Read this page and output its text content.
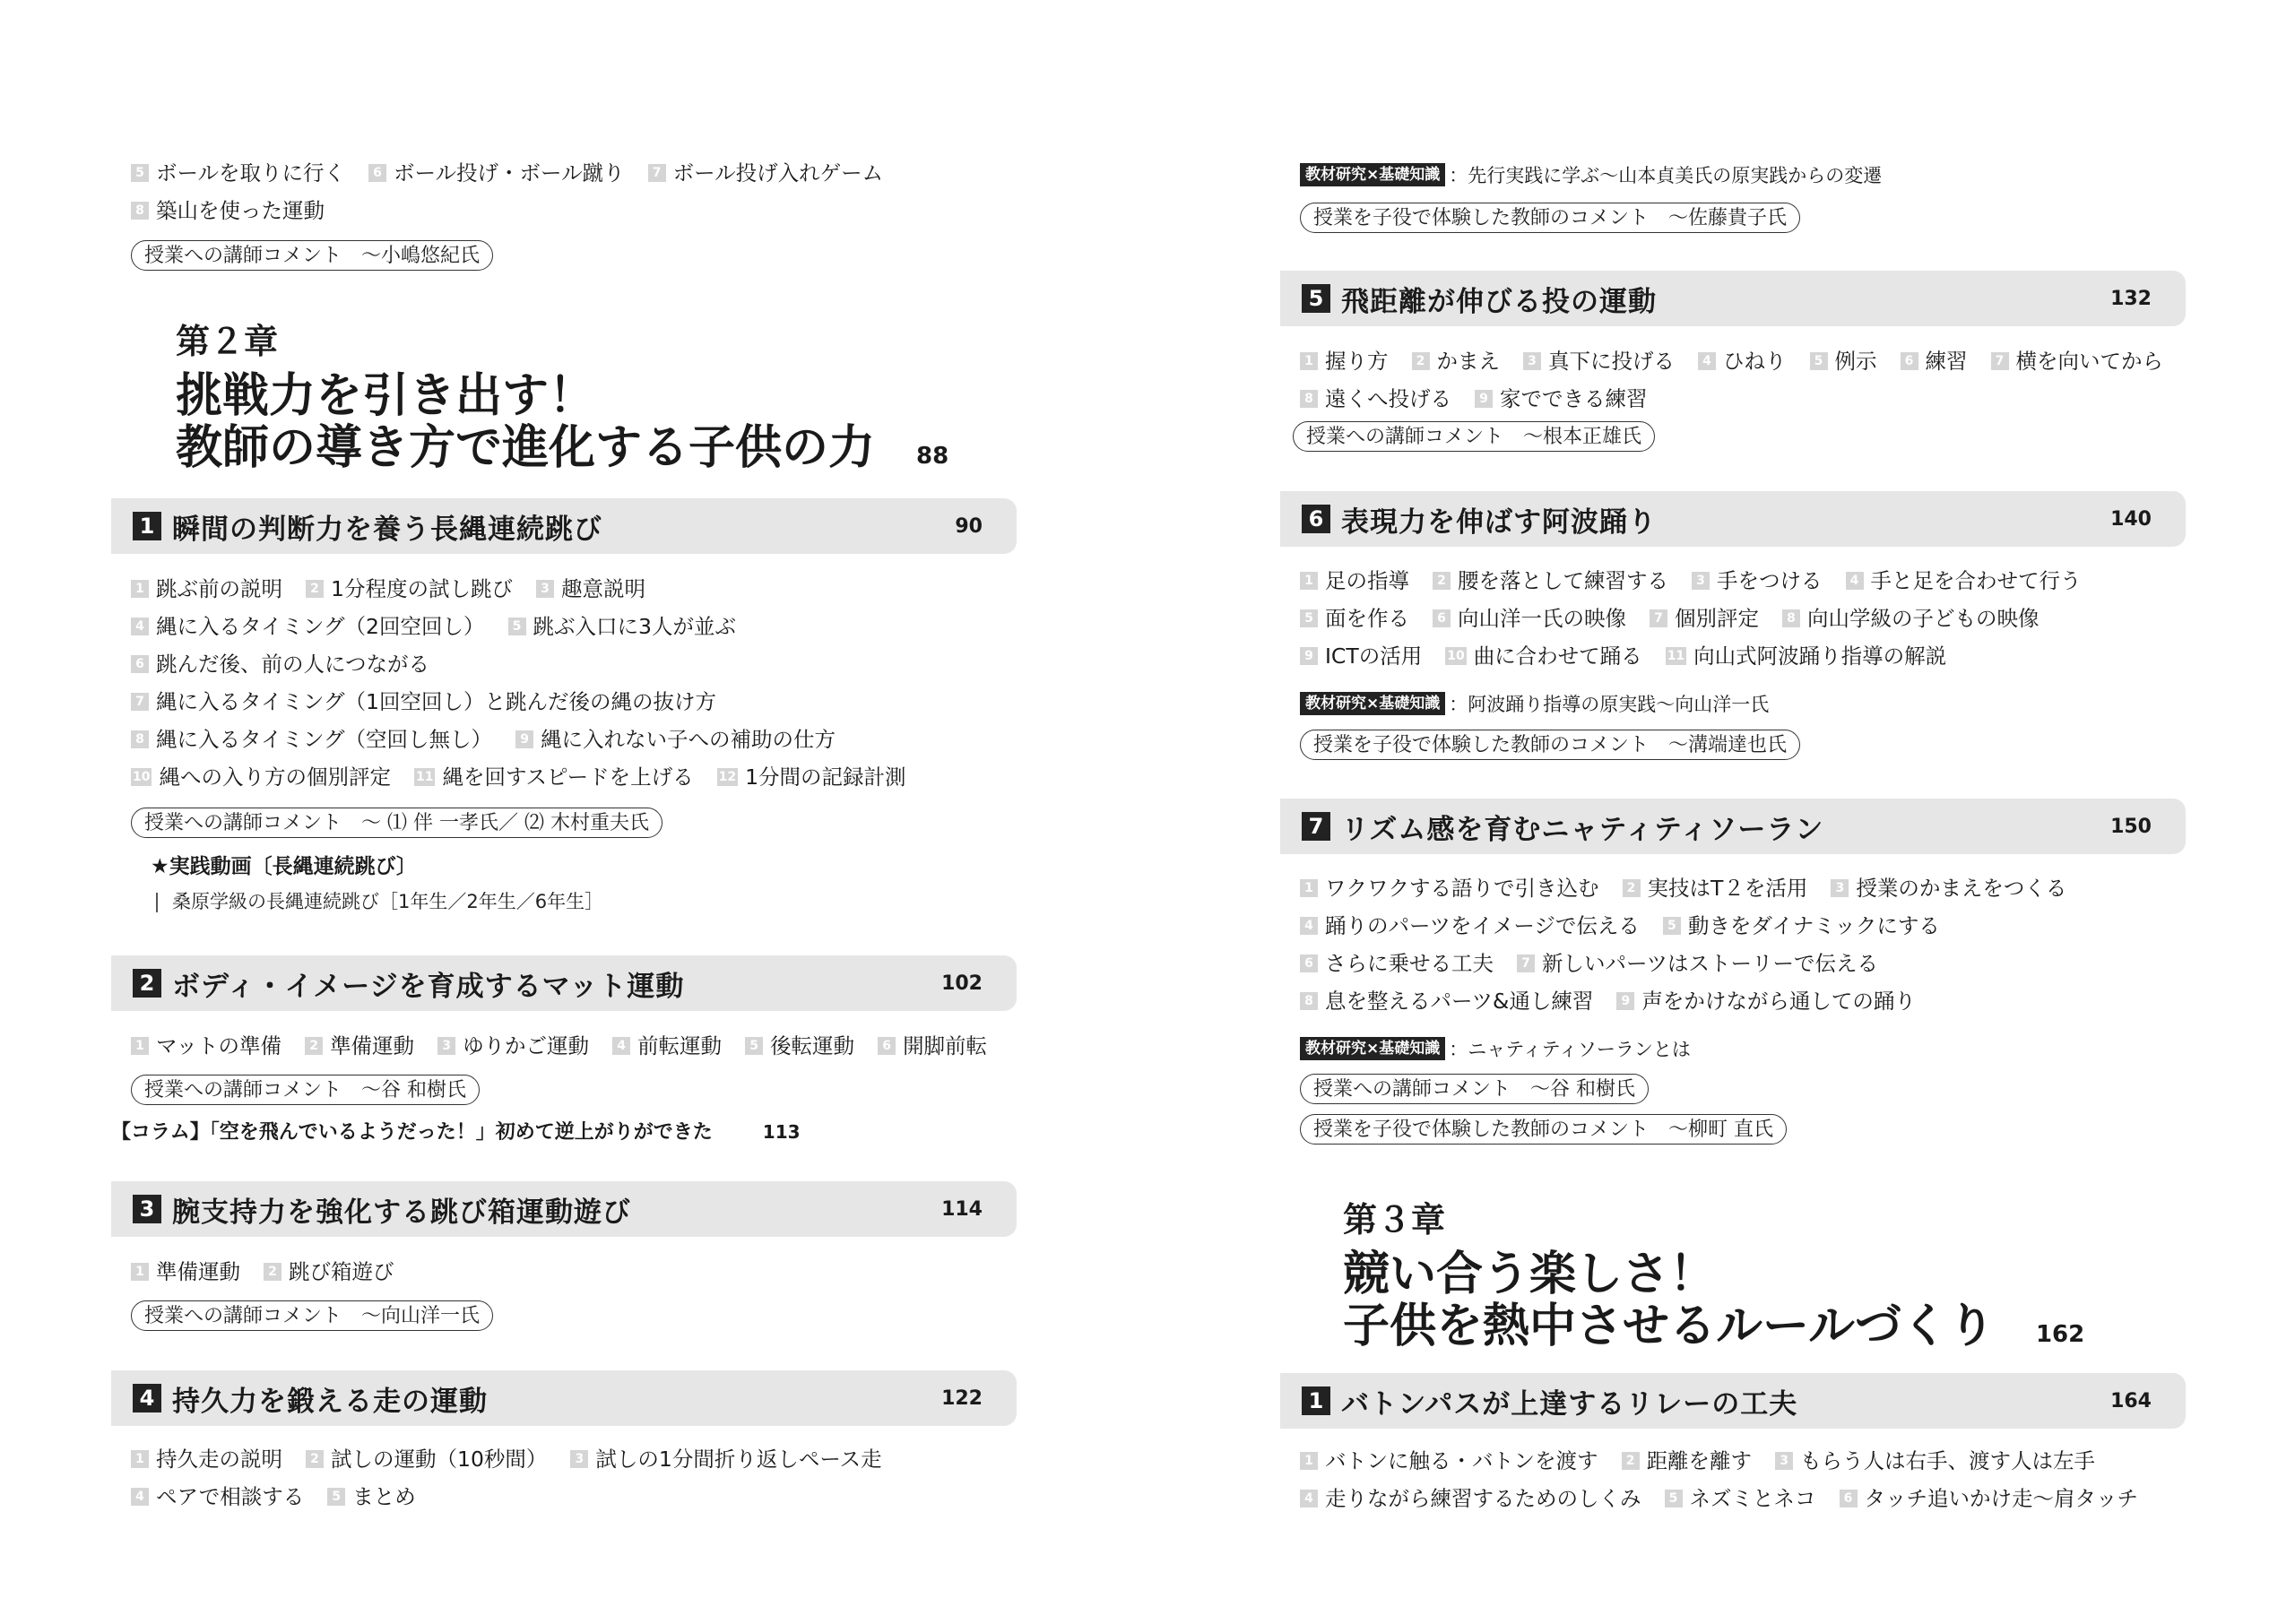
5 ボールを取りに行く	6 ボール投げ・ボール蹴り	7 ボール投げ入れゲーム
8 築山を使った運動
授業への講師コメント　～小嶋悠紀氏
第２章
挑戦力を引き出す！
教師の導き方で進化する子供の力 88
1 瞬間の判断力を養う長縄連続跳び	90
1 跳ぶ前の説明	2 1分程度の試し跳び	3 趣意説明
4 縄に入るタイミング（2回空回し）	5 跳ぶ入口に3人が並ぶ
6 跳んだ後、前の人につながる
7 縄に入るタイミング（1回空回し）と跳んだ後の縄の抜け方
8 縄に入るタイミング（空回し無し）	9 縄に入れない子への補助の仕方
10 縄への入り方の個別評定 11 縄を回すスピードを上げる 12 1分間の記録計測
授業への講師コメント　～ ⑴ 伴 一孝氏／ ⑵ 木村重夫氏
★実践動画〔長縄連続跳び〕
桑原学級の長縄連続跳び［1年生／2年生／6年生］
2 ボディ・イメージを育成するマット運動	102
1 マットの準備	2 準備運動	3 ゆりかご運動	4 前転運動	5 後転運動	6 開脚前転
授業への講師コメント　～谷 和樹氏
【コラム】「空を飛んでいるようだった！」初めて逆上がりができた	113
3 腕支持力を強化する跳び箱運動遊び	114
1 準備運動	2 跳び箱遊び
授業への講師コメント　～向山洋一氏
4 持久力を鍛える走の運動	122
1 持久走の説明	2 試しの運動（10秒間）	3 試しの1分間折り返しペース走
4 ペアで相談する	5 まとめ
教材研究×基礎知識 ：先行実践に学ぶ～山本貞美氏の原実践からの変遷
授業を子役で体験した教師のコメント　～佐藤貴子氏
5 飛距離が伸びる投の運動	132
1 握り方	2 かまえ	3 真下に投げる	4 ひねり	5 例示	6 練習	7 横を向いてから
8 遠くへ投げる	9 家でできる練習
授業への講師コメント　～根本正雄氏
6 表現力を伸ばす阿波踊り	140
1 足の指導	2 腰を落として練習する	3 手をつける	4 手と足を合わせて行う
5 面を作る	6 向山洋一氏の映像	7 個別評定	8 向山学級の子どもの映像
9 ICTの活用 10 曲に合わせて踊る 11 向山式阿波踊り指導の解説
教材研究×基礎知識 ：阿波踊り指導の原実践～向山洋一氏
授業を子役で体験した教師のコメント　～溝端達也氏
7 リズム感を育むニャティティソーラン	150
1 ワクワクする語りで引き込む	2 実技はT２を活用	3 授業のかまえをつくる
4 踊りのパーツをイメージで伝える	5 動きをダイナミックにする
6 さらに乗せる工夫	7 新しいパーツはストーリーで伝える
8 息を整えるパーツ&通し練習	9 声をかけながら通しての踊り
教材研究×基礎知識 ：ニャティティソーランとは
授業への講師コメント　～谷 和樹氏
授業を子役で体験した教師のコメント　～柳町 直氏
第３章
競い合う楽しさ！
子供を熱中させるルールづくり 162
1 バトンパスが上達するリレーの工夫	164
1 バトンに触る・バトンを渡す	2 距離を離す	3 もらう人は右手、渡す人は左手
4 走りながら練習するためのしくみ	5 ネズミとネコ	6 タッチ追いかけ走～肩タッチ
